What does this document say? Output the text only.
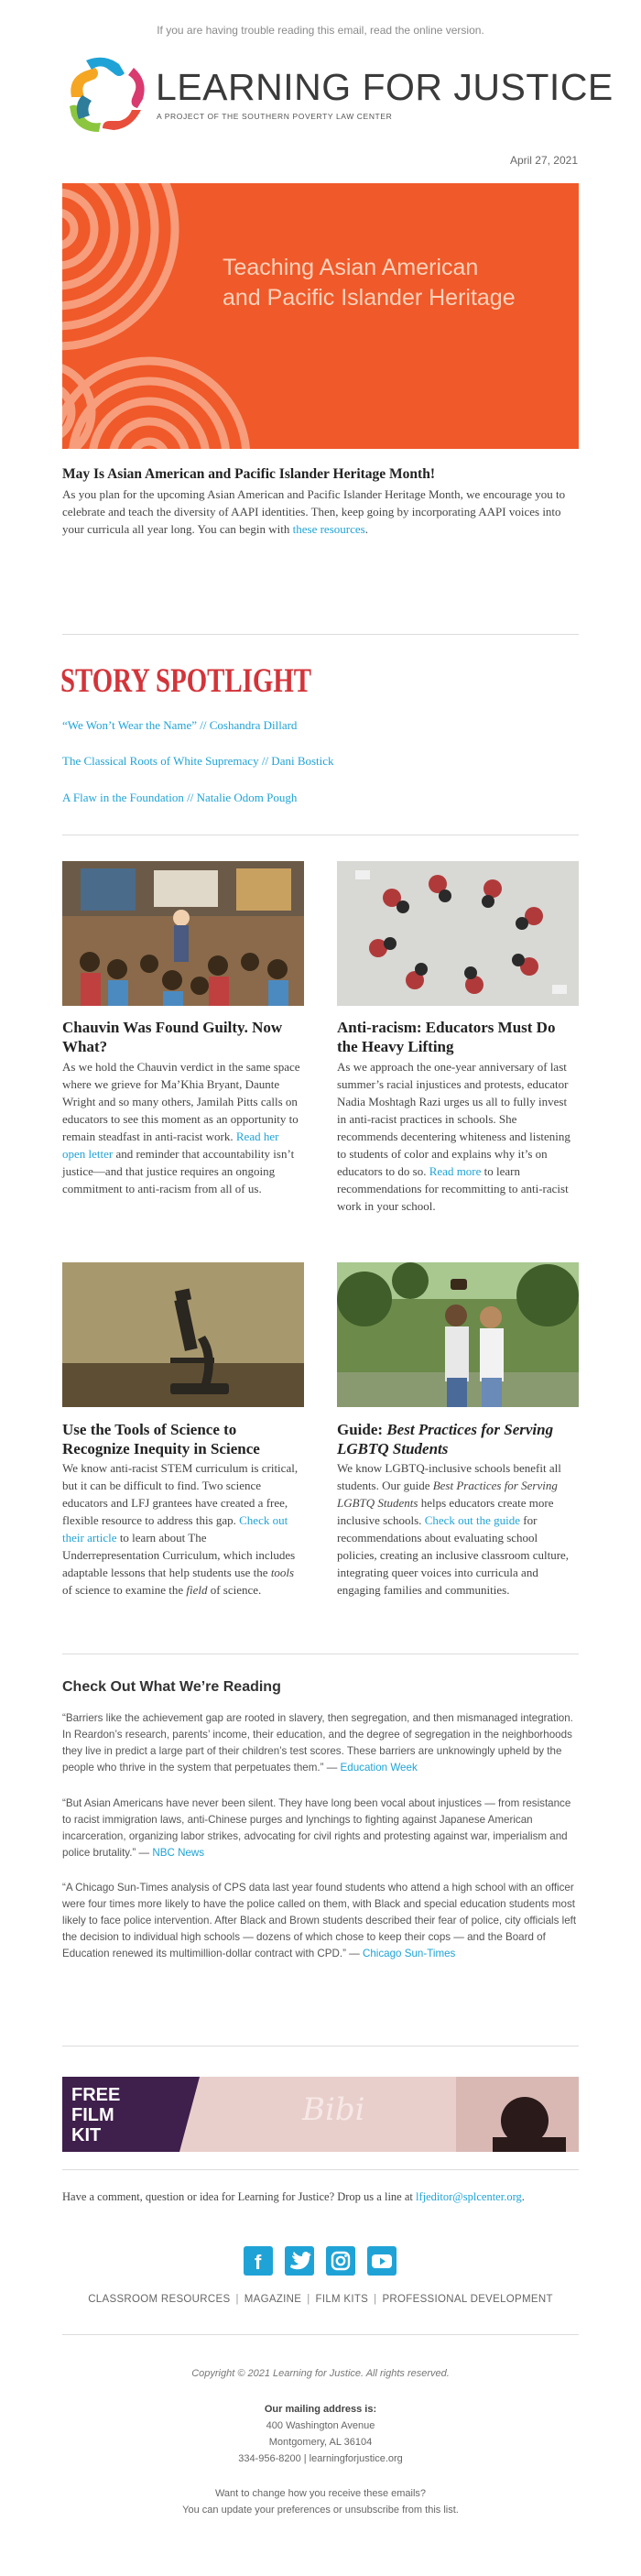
If you are having trouble reading this email, read the online version.
LEARNING FOR JUSTICE
A PROJECT OF THE SOUTHERN POVERTY LAW CENTER
April 27, 2021
Teaching Asian American
and Pacific Islander Heritage
May Is Asian American and Pacific Islander Heritage Month!
As you plan for the upcoming Asian American and Pacific Islander Heritage Month, we encourage you to celebrate and teach the diversity of AAPI identities. Then, keep going by incorporating AAPI voices into your curricula all year long. You can begin with these resources.
STORY SPOTLIGHT
“We Won’t Wear the Name” // Coshandra Dillard
The Classical Roots of White Supremacy // Dani Bostick
A Flaw in the Foundation // Natalie Odom Pough
Chauvin Was Found Guilty. Now What?
As we hold the Chauvin verdict in the same space where we grieve for Ma’Khia Bryant, Daunte Wright and so many others, Jamilah Pitts calls on educators to see this moment as an opportunity to remain steadfast in anti-racist work. Read her open letter and reminder that accountability isn’t justice—and that justice requires an ongoing commitment to anti-racism from all of us.
Anti-racism: Educators Must Do the Heavy Lifting
As we approach the one-year anniversary of last summer’s racial injustices and protests, educator Nadia Moshtagh Razi urges us all to fully invest in anti-racist practices in schools. She recommends decentering whiteness and listening to students of color and explains why it’s on educators to do so. Read more to learn recommendations for recommitting to anti-racist work in your school.
Use the Tools of Science to Recognize Inequity in Science
We know anti-racist STEM curriculum is critical, but it can be difficult to find. Two science educators and LFJ grantees have created a free, flexible resource to address this gap. Check out their article to learn about The Underrepresentation Curriculum, which includes adaptable lessons that help students use the tools of science to examine the field of science.
Guide: Best Practices for Serving LGBTQ Students
We know LGBTQ-inclusive schools benefit all students. Our guide Best Practices for Serving LGBTQ Students helps educators create more inclusive schools. Check out the guide for recommendations about evaluating school policies, creating an inclusive classroom culture, integrating queer voices into curricula and engaging families and communities.
Check Out What We’re Reading
“Barriers like the achievement gap are rooted in slavery, then segregation, and then mismanaged integration. In Reardon’s research, parents’ income, their education, and the degree of segregation in the neighborhoods they live in predict a large part of their children’s test scores. These barriers are unknowingly upheld by the people who thrive in the system that perpetuates them.” — Education Week
“But Asian Americans have never been silent. They have long been vocal about injustices — from resistance to racist immigration laws, anti-Chinese purges and lynchings to fighting against Japanese American incarceration, organizing labor strikes, advocating for civil rights and protesting against war, imperialism and police brutality.” — NBC News
“A Chicago Sun-Times analysis of CPS data last year found students who attend a high school with an officer were four times more likely to have the police called on them, with Black and special education students most likely to face police intervention. After Black and Brown students described their fear of police, city officials left the decision to individual high schools — dozens of which chose to keep their cops — and the Board of Education renewed its multimillion-dollar contract with CPD.” — Chicago Sun-Times
FREE
FILM
KIT
Bibi
Have a comment, question or idea for Learning for Justice? Drop us a line at lfjeditor@splcenter.org.
f
CLASSROOM RESOURCES | MAGAZINE | FILM KITS | PROFESSIONAL DEVELOPMENT
Copyright © 2021 Learning for Justice. All rights reserved.
Our mailing address is:
400 Washington Avenue
Montgomery, AL 36104
334-956-8200 | learningforjustice.org
Want to change how you receive these emails?
You can update your preferences or unsubscribe from this list.
